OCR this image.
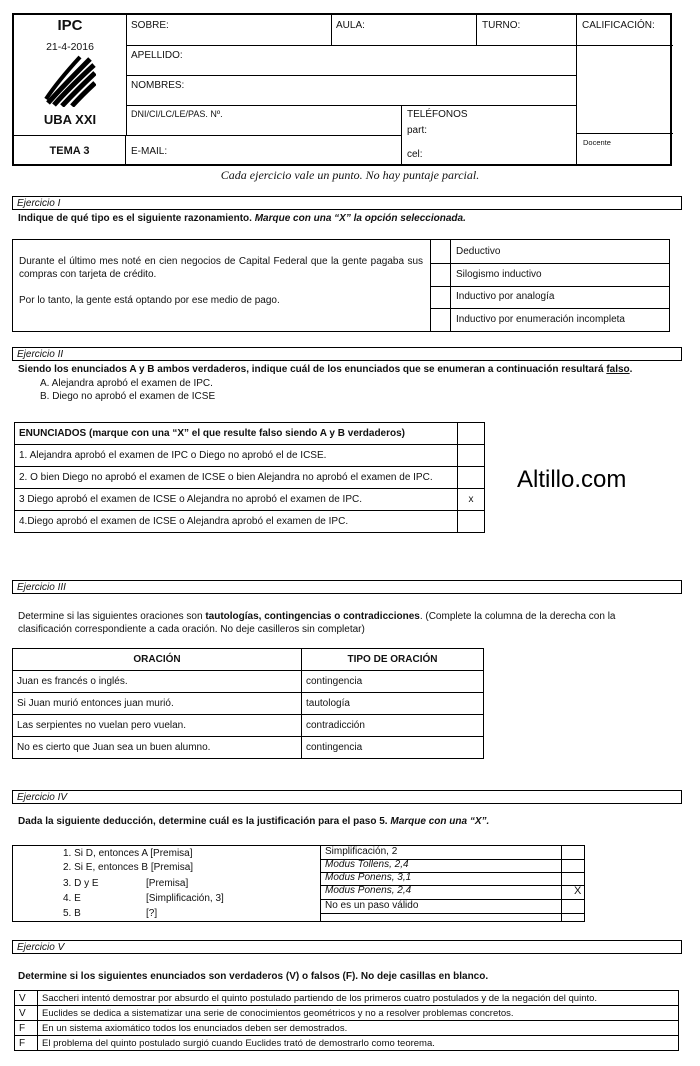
IPC
21-4-2016
UBA XXI
TEMA 3
SOBRE:	AULA:	TURNO:
APELLIDO:
NOMBRES:
DNI/CI/LC/LE/PAS. Nº.
E-MAIL:
TELÉFONOS
part:
cel:
CALIFICACIÓN:
Docente
Cada ejercicio vale un punto. No hay puntaje parcial.
Ejercicio I
Indique de qué tipo es el siguiente razonamiento. Marque con una “X” la opción seleccionada.
Durante el último mes noté en cien negocios de Capital Federal que la gente pagaba sus compras con tarjeta de crédito.
Por lo tanto, la gente está optando por ese medio de pago.
Deductivo
Silogismo inductivo
Inductivo por analogía
Inductivo por enumeración incompleta
Ejercicio II
Siendo los enunciados A y B ambos verdaderos, indique cuál de los enunciados que se enumeran a continuación resultará falso.
A. Alejandra aprobó el examen de IPC.
B. Diego no aprobó el examen de ICSE
ENUNCIADOS (marque con una “X” el que resulte falso siendo A y B verdaderos)	
1. Alejandra aprobó el examen de IPC o Diego no aprobó el de ICSE.	
2. O bien Diego no aprobó el examen de ICSE o bien Alejandra no aprobó el examen de IPC.	
3 Diego aprobó el examen de ICSE o Alejandra no aprobó el examen de IPC.	x
4.Diego aprobó el examen de ICSE o Alejandra aprobó el examen de IPC.	
Altillo.com
Ejercicio III
Determine si las siguientes oraciones son tautologías, contingencias o contradicciones. (Complete la columna de la derecha con la clasificación correspondiente a cada oración. No deje casilleros sin completar)
ORACIÓN	TIPO DE ORACIÓN
Juan es francés o inglés.	contingencia
Si Juan murió entonces juan murió.	tautología
Las serpientes no vuelan pero vuelan.	contradicción
No es cierto que Juan sea un buen alumno.	contingencia
Ejercicio IV
Dada la siguiente deducción, determine cuál es la justificación para el paso 5. Marque con una “X”.
1. Si D, entonces A [Premisa]
2. Si E, entonces B [Premisa]
3. D y E	[Premisa]
4. E	[Simplificación, 3]
5. B	[?]
Simplificación, 2
Modus Tollens, 2,4
Modus Ponens, 3,1
Modus Ponens, 2,4	X
No es un paso válido
Ejercicio V
Determine si los siguientes enunciados son verdaderos (V) o falsos (F). No deje casillas en blanco.
V	Saccheri intentó demostrar por absurdo el quinto postulado partiendo de los primeros cuatro postulados y de la negación del quinto.
V	Euclides se dedica a sistematizar una serie de conocimientos geométricos y no a resolver problemas concretos.
F	En un sistema axiomático todos los enunciados deben ser demostrados.
F	El problema del quinto postulado surgió cuando Euclides trató de demostrarlo como teorema.
